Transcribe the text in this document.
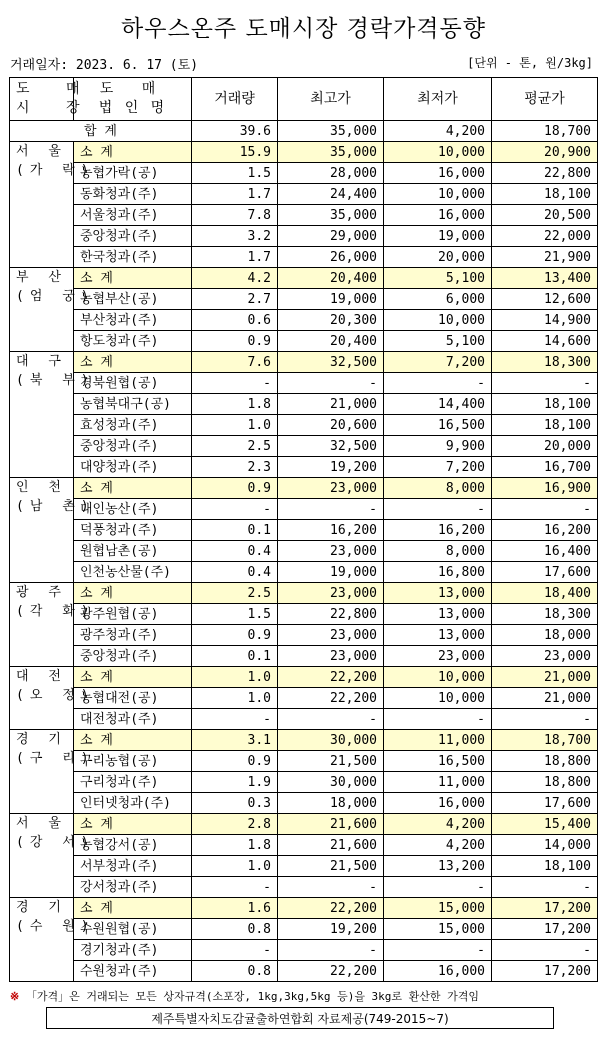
하우스온주 도매시장 경락가격동향
거래일자: 2023. 6. 17 (토)	[단위 - 톤, 원/3kg]
도 매
시 장	도 매
법 인 명	거래량	최고가	최저가	평균가
합 계		39.6	35,000	4,200	18,700

서 울
(가 락)	소 계	15.9	35,000	10,000	20,900
	농협가락(공)	1.5	28,000	16,000	22,800
	동화청과(주)	1.7	24,400	10,000	18,100
	서울청과(주)	7.8	35,000	16,000	20,500
	중앙청과(주)	3.2	29,000	19,000	22,000
	한국청과(주)	1.7	26,000	20,000	21,900

부 산
(엄 궁)	소 계	4.2	20,400	5,100	13,400
	농협부산(공)	2.7	19,000	6,000	12,600
	부산청과(주)	0.6	20,300	10,000	14,900
	항도청과(주)	0.9	20,400	5,100	14,600

대 구
(북 부)	소 계	7.6	32,500	7,200	18,300
	경북원협(공)	-	-	-	-
	농협북대구(공)	1.8	21,000	14,400	18,100
	효성청과(주)	1.0	20,600	16,500	18,100
	중앙청과(주)	2.5	32,500	9,900	20,000
	대양청과(주)	2.3	19,200	7,200	16,700

인 천
(남 촌)	소 계	0.9	23,000	8,000	16,900
	대인농산(주)	-	-	-	-
	덕풍청과(주)	0.1	16,200	16,200	16,200
	원협남촌(공)	0.4	23,000	8,000	16,400
	인천농산물(주)	0.4	19,000	16,800	17,600

광 주
(각 화)	소 계	2.5	23,000	13,000	18,400
	광주원협(공)	1.5	22,800	13,000	18,300
	광주청과(주)	0.9	23,000	13,000	18,000
	중앙청과(주)	0.1	23,000	23,000	23,000

대 전
(오 정)	소 계	1.0	22,200	10,000	21,000
	농협대전(공)	1.0	22,200	10,000	21,000
	대전청과(주)	-	-	-	-

경 기
(구 리)	소 계	3.1	30,000	11,000	18,700
	구리농협(공)	0.9	21,500	16,500	18,800
	구리청과(주)	1.9	30,000	11,000	18,800
	인터넷청과(주)	0.3	18,000	16,000	17,600

서 울
(강 서)	소 계	2.8	21,600	4,200	15,400
	농협강서(공)	1.8	21,600	4,200	14,000
	서부청과(주)	1.0	21,500	13,200	18,100
	강서청과(주)	-	-	-	-

경 기
(수 원)	소 계	1.6	22,200	15,000	17,200
	수원원협(공)	0.8	19,200	15,000	17,200
	경기청과(주)	-	-	-	-
	수원청과(주)	0.8	22,200	16,000	17,200
※ 「가격」은 거래되는 모든 상자규격(소포장, 1kg,3kg,5kg 등)을 3kg로 환산한 가격임
제주특별자치도감귤출하연합회 자료제공(749-2015~7)
